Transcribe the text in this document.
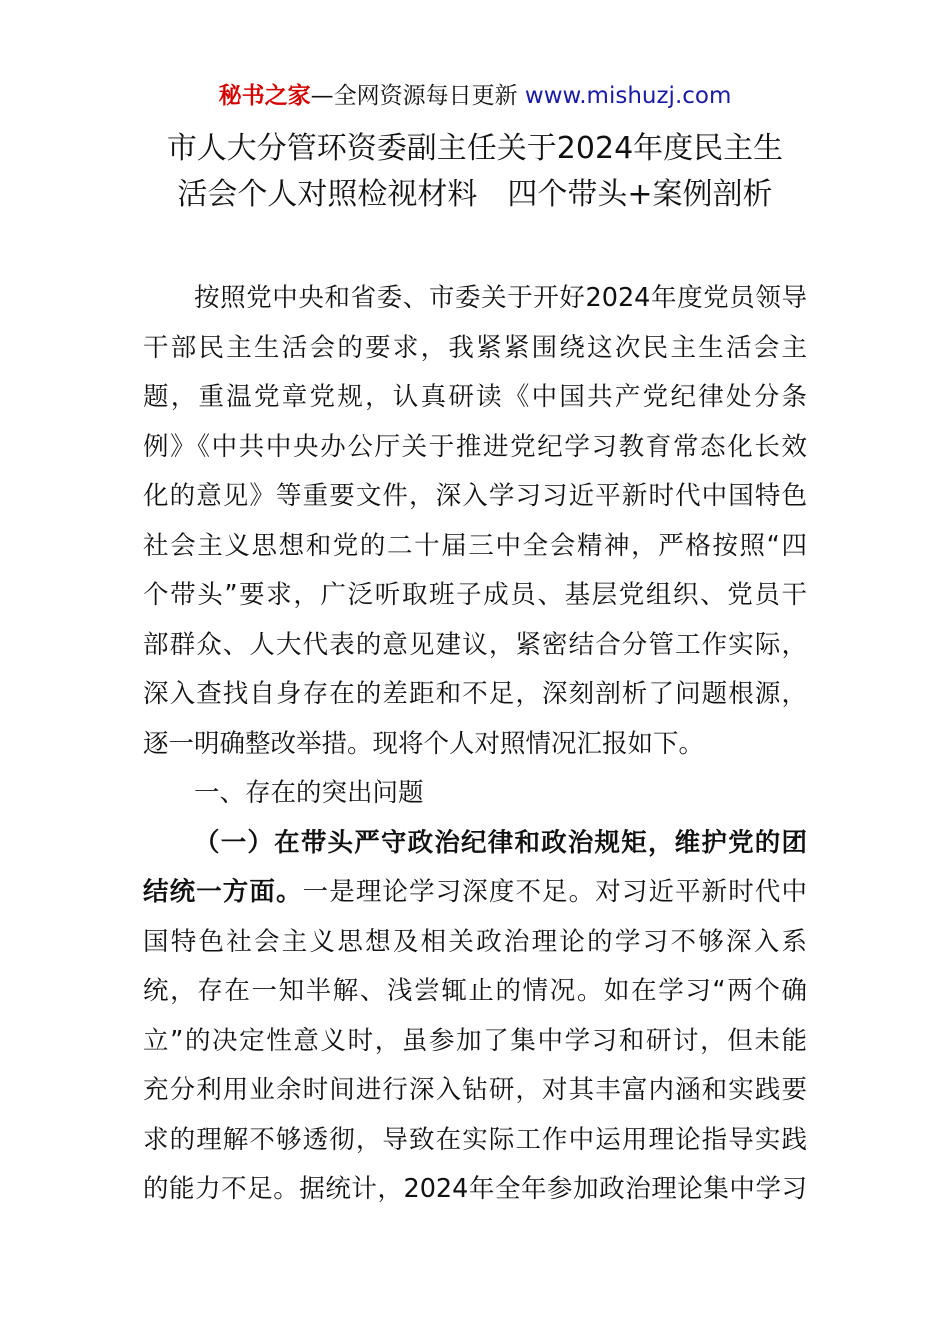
秘书之家—全网资源每日更新 www.mishuzj.com
市人大分管环资委副主任关于2024年度民主生
活会个人对照检视材料　四个带头+案例剖析
按照党中央和省委、市委关于开好2024年度党员领导
干部民主生活会的要求，我紧紧围绕这次民主生活会主
题，重温党章党规，认真研读《中国共产党纪律处分条
例》《中共中央办公厅关于推进党纪学习教育常态化长效
化的意见》等重要文件，深入学习习近平新时代中国特色
社会主义思想和党的二十届三中全会精神，严格按照“四
个带头”要求，广泛听取班子成员、基层党组织、党员干
部群众、人大代表的意见建议，紧密结合分管工作实际，
深入查找自身存在的差距和不足，深刻剖析了问题根源，
逐一明确整改举措。现将个人对照情况汇报如下。
一、存在的突出问题
（一）在带头严守政治纪律和政治规矩，维护党的团
结统一方面。一是理论学习深度不足。对习近平新时代中
国特色社会主义思想及相关政治理论的学习不够深入系
统，存在一知半解、浅尝辄止的情况。如在学习“两个确
立”的决定性意义时，虽参加了集中学习和研讨，但未能
充分利用业余时间进行深入钻研，对其丰富内涵和实践要
求的理解不够透彻，导致在实际工作中运用理论指导实践
的能力不足。据统计，2024年全年参加政治理论集中学习
